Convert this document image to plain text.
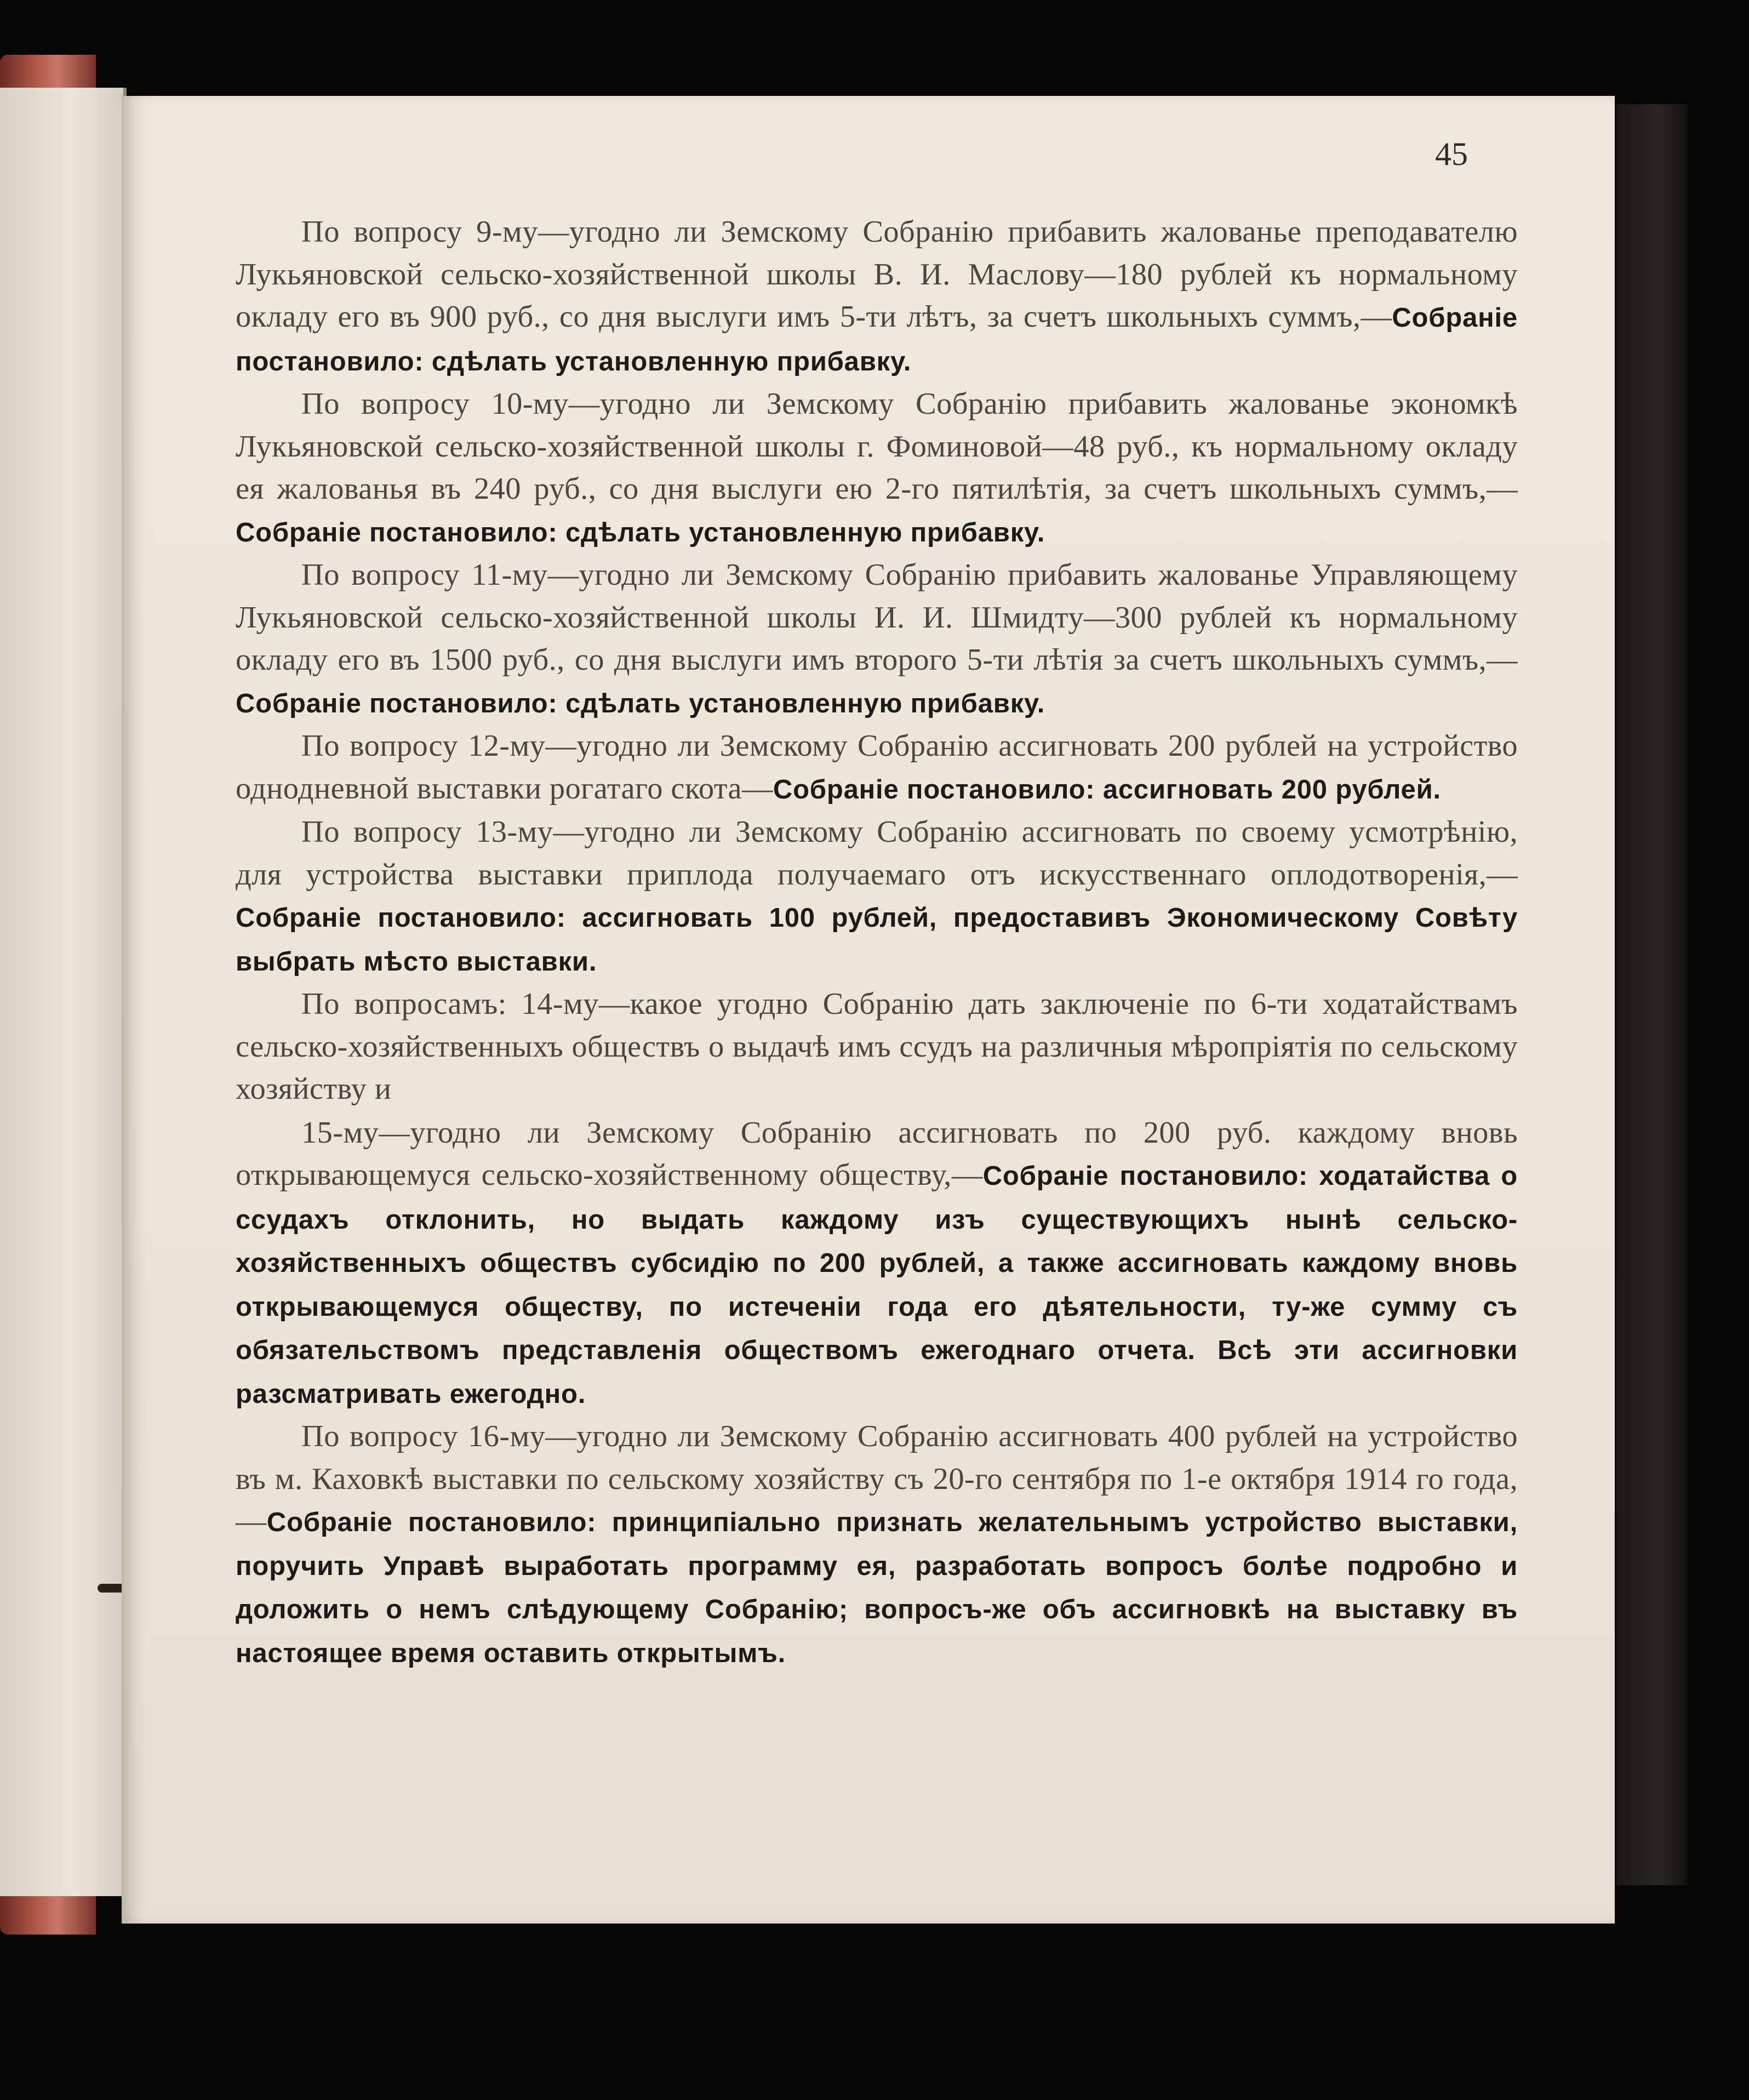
45

По вопросу 9-му—угодно ли Земскому Собранію прибавить жалованье преподавателю Лукьяновской сельско-хозяйственной школы В. И. Маслову—180 рублей къ нормальному окладу его въ 900 руб., со дня выслуги имъ 5-ти лѣтъ, за счетъ школьныхъ суммъ,—Собраніе постановило: сдѣлать установленную прибавку.

По вопросу 10-му—угодно ли Земскому Собранію прибавить жалованье экономкѣ Лукьяновской сельско-хозяйственной школы г. Фоминовой—48 руб., къ нормальному окладу ея жалованья въ 240 руб., со дня выслуги ею 2-го пятилѣтія, за счетъ школьныхъ суммъ,—Собраніе постановило: сдѣлать установленную прибавку.

По вопросу 11-му—угодно ли Земскому Собранію прибавить жалованье Управляющему Лукьяновской сельско-хозяйственной школы И. И. Шмидту—300 рублей къ нормальному окладу его въ 1500 руб., со дня выслуги имъ второго 5-ти лѣтія за счетъ школьныхъ суммъ,—Собраніе постановило: сдѣлать установленную прибавку.

По вопросу 12-му—угодно ли Земскому Собранію ассигновать 200 рублей на устройство однодневной выставки рогатаго скота—Собраніе постановило: ассигновать 200 рублей.

По вопросу 13-му—угодно ли Земскому Собранію ассигновать по своему усмотрѣнію, для устройства выставки приплода получаемаго отъ искусственнаго оплодотворенія,—Собраніе постановило: ассигновать 100 рублей, предоставивъ Экономическому Совѣту выбрать мѣсто выставки.

По вопросамъ: 14-му—какое угодно Собранію дать заключеніе по 6-ти ходатайствамъ сельско-хозяйственныхъ обществъ о выдачѣ имъ ссудъ на различныя мѣропріятія по сельскому хозяйству и

15-му—угодно ли Земскому Собранію ассигновать по 200 руб. каждому вновь открывающемуся сельско-хозяйственному обществу,—Собраніе постановило: ходатайства о ссудахъ отклонить, но выдать каждому изъ существующихъ нынѣ сельско-хозяйственныхъ обществъ субсидію по 200 рублей, а также ассигновать каждому вновь открывающемуся обществу, по истеченіи года его дѣятельности, ту-же сумму съ обязательствомъ представленія обществомъ ежегоднаго отчета. Всѣ эти ассигновки разсматривать ежегодно.

По вопросу 16-му—угодно ли Земскому Собранію ассигновать 400 рублей на устройство въ м. Каховкѣ выставки по сельскому хозяйству съ 20-го сентября по 1-е октября 1914 го года,—Собраніе постановило: принципіально признать желательнымъ устройство выставки, поручить Управѣ выработать программу ея, разработать вопросъ болѣе подробно и доложить о немъ слѣдующему Собранію; вопросъ-же объ ассигновкѣ на выставку въ настоящее время оставить открытымъ.
